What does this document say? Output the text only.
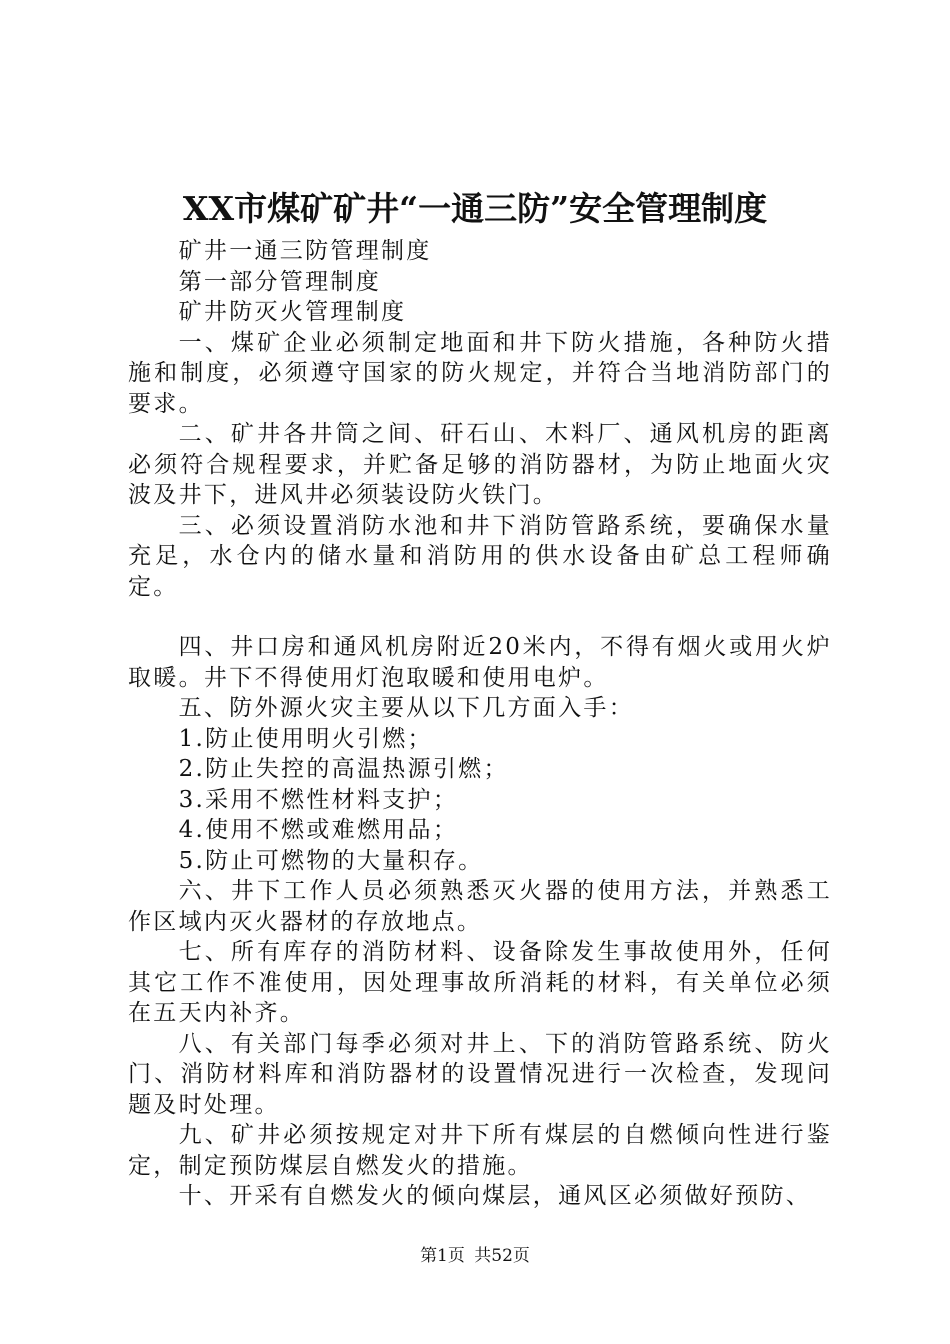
XX市煤矿矿井“一通三防”安全管理制度

矿井一通三防管理制度

第一部分管理制度

矿井防灭火管理制度

一、煤矿企业必须制定地面和井下防火措施，各种防火措施和制度，必须遵守国家的防火规定，并符合当地消防部门的要求。

二、矿井各井筒之间、矸石山、木料厂、通风机房的距离必须符合规程要求，并贮备足够的消防器材，为防止地面火灾波及井下，进风井必须装设防火铁门。

三、必须设置消防水池和井下消防管路系统，要确保水量充足，水仓内的储水量和消防用的供水设备由矿总工程师确定。

四、井口房和通风机房附近20米内，不得有烟火或用火炉取暖。井下不得使用灯泡取暖和使用电炉。

五、防外源火灾主要从以下几方面入手：

1.防止使用明火引燃；

2.防止失控的高温热源引燃；

3.采用不燃性材料支护；

4.使用不燃或难燃用品；

5.防止可燃物的大量积存。

六、井下工作人员必须熟悉灭火器的使用方法，并熟悉工作区域内灭火器材的存放地点。

七、所有库存的消防材料、设备除发生事故使用外，任何其它工作不准使用，因处理事故所消耗的材料，有关单位必须在五天内补齐。

八、有关部门每季必须对井上、下的消防管路系统、防火门、消防材料库和消防器材的设置情况进行一次检查，发现问题及时处理。

九、矿井必须按规定对井下所有煤层的自燃倾向性进行鉴定，制定预防煤层自燃发火的措施。

十、开采有自燃发火的倾向煤层，通风区必须做好预防、

第1页 共52页
